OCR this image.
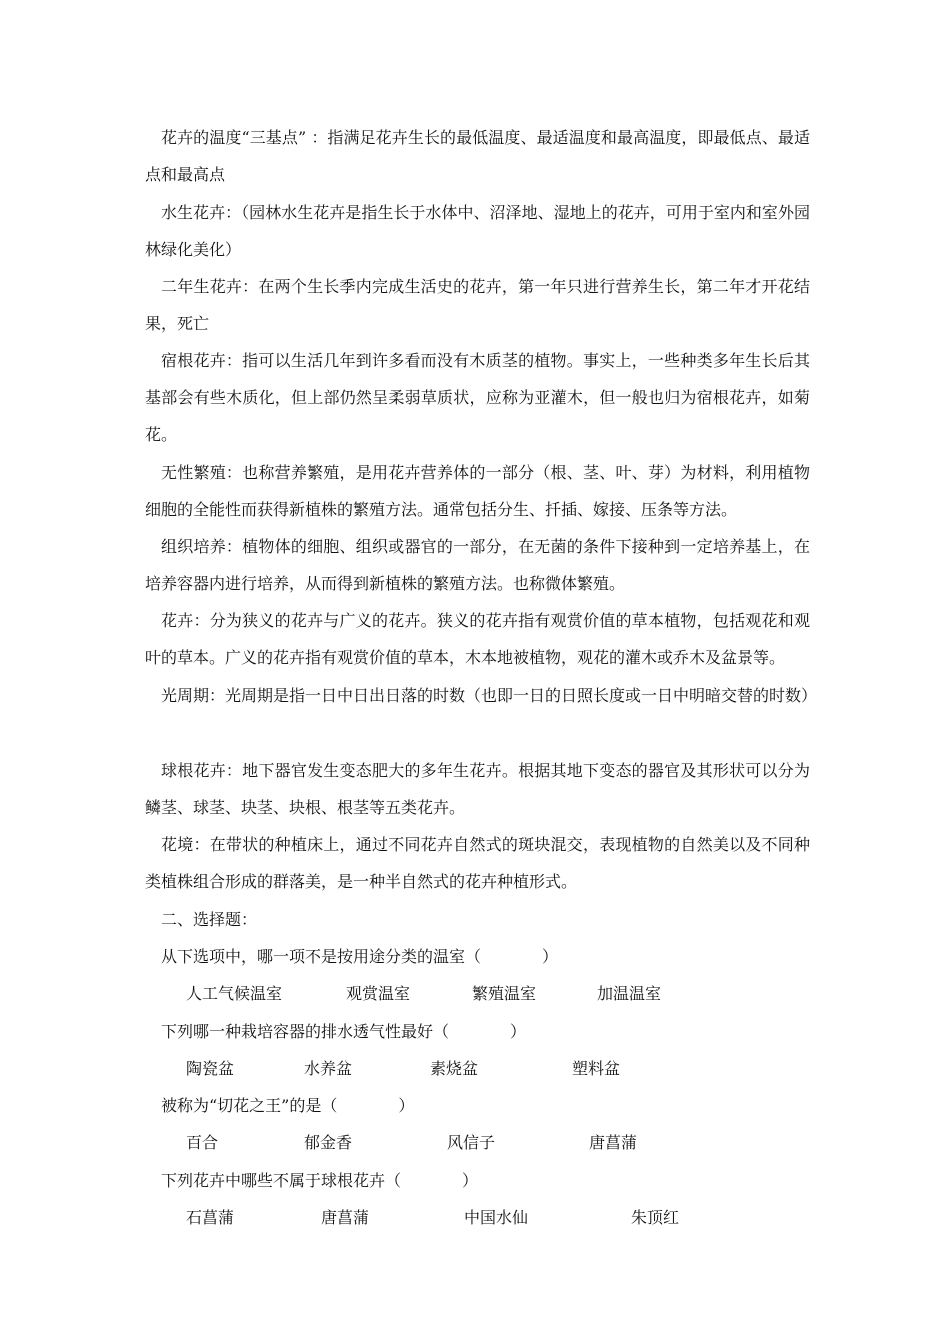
花卉的温度“三基点” ：指满足花卉生长的最低温度、最适温度和最高温度，即最低点、最适点和最高点

水生花卉：（园林水生花卉是指生长于水体中、沼泽地、湿地上的花卉，可用于室内和室外园林绿化美化）

二年生花卉：在两个生长季内完成生活史的花卉，第一年只进行营养生长，第二年才开花结果，死亡

宿根花卉：指可以生活几年到许多看而没有木质茎的植物。事实上，一些种类多年生长后其基部会有些木质化，但上部仍然呈柔弱草质状，应称为亚灌木，但一般也归为宿根花卉，如菊花。

无性繁殖：也称营养繁殖，是用花卉营养体的一部分（根、茎、叶、芽）为材料，利用植物细胞的全能性而获得新植株的繁殖方法。通常包括分生、扦插、嫁接、压条等方法。

组织培养：植物体的细胞、组织或器官的一部分，在无菌的条件下接种到一定培养基上，在培养容器内进行培养，从而得到新植株的繁殖方法。也称微体繁殖。

花卉：分为狭义的花卉与广义的花卉。狭义的花卉指有观赏价值的草本植物，包括观花和观叶的草本。广义的花卉指有观赏价值的草本，木本地被植物，观花的灌木或乔木及盆景等。

光周期：光周期是指一日中日出日落的时数（也即一日的日照长度或一日中明暗交替的时数）

球根花卉：地下器官发生变态肥大的多年生花卉。根据其地下变态的器官及其形状可以分为鳞茎、球茎、块茎、块根、根茎等五类花卉。

花境：在带状的种植床上，通过不同花卉自然式的斑块混交，表现植物的自然美以及不同种类植株组合形成的群落美，是一种半自然式的花卉种植形式。

二、选择题：

从下选项中，哪一项不是按用途分类的温室（            ）

人工气候温室	观赏温室	繁殖温室	加温温室

下列哪一种栽培容器的排水透气性最好（            ）

陶瓷盆	水养盆	素烧盆	塑料盆

被称为“切花之王”的是（            ）

百合	郁金香	风信子	唐菖蒲

下列花卉中哪些不属于球根花卉（            ）

石菖蒲	唐菖蒲	中国水仙	朱顶红
